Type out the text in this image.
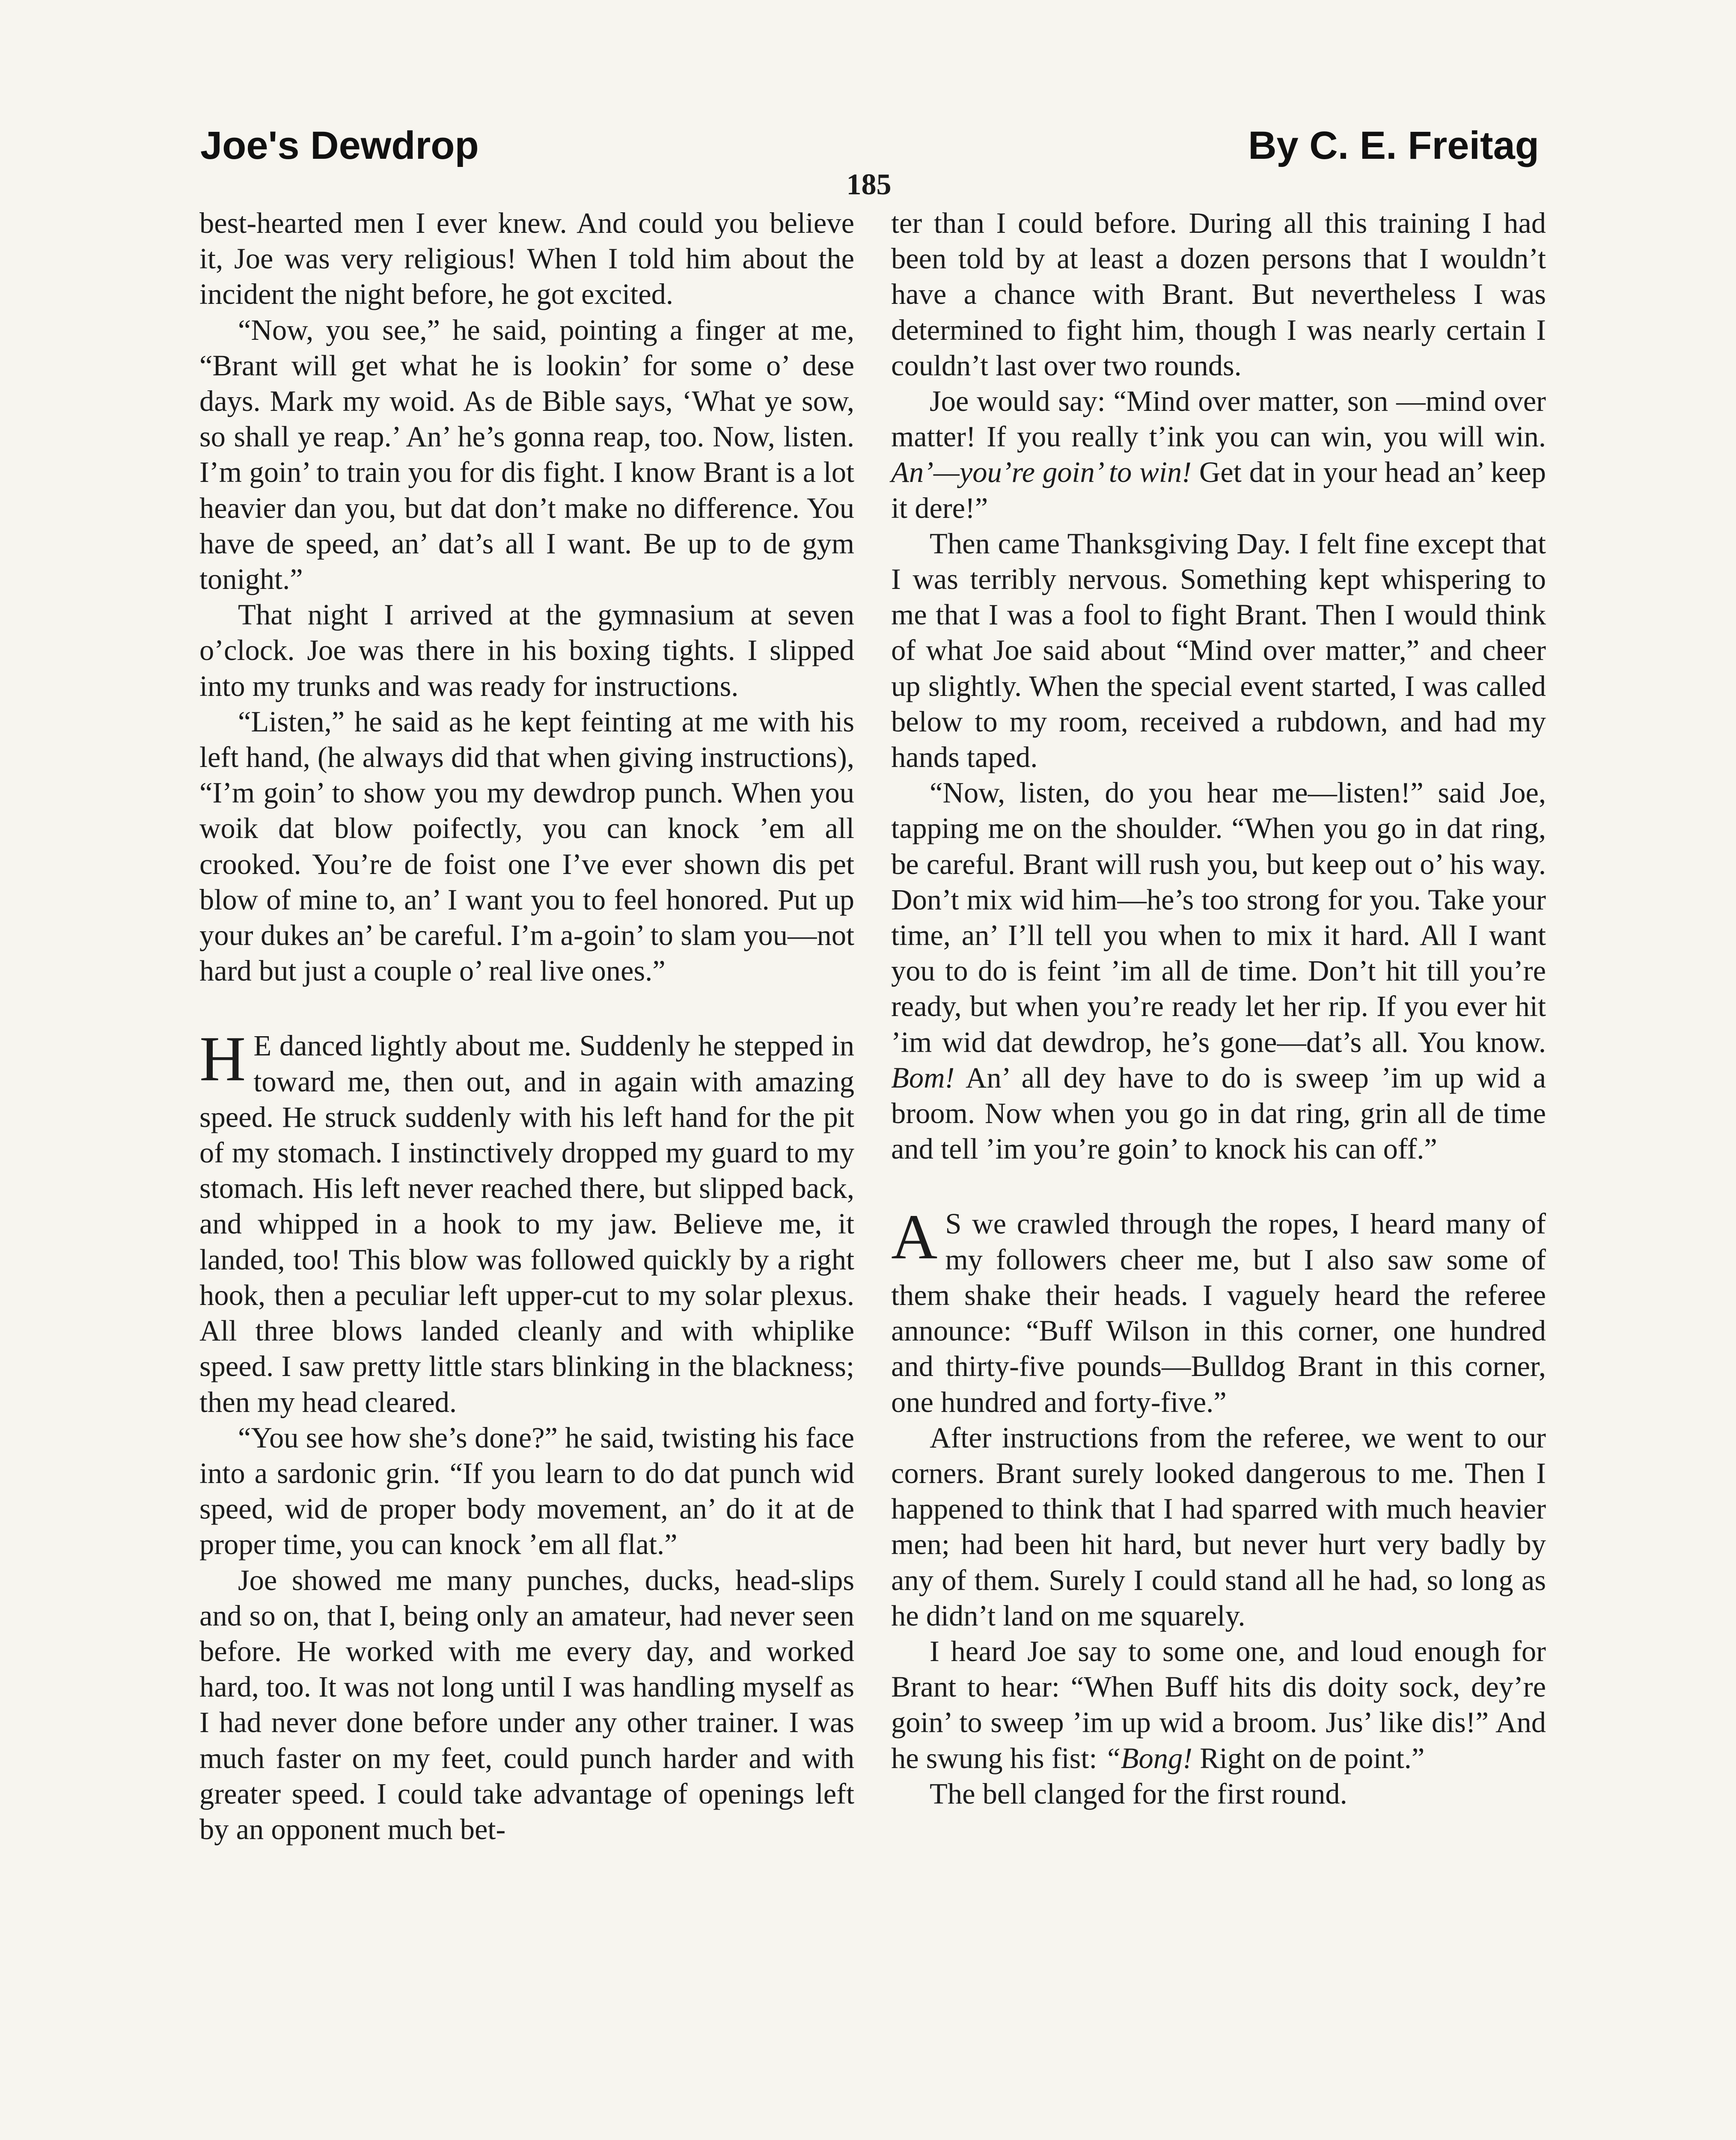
Joe's Dewdrop	By C. E. Freitag
185

best-hearted men I ever knew. And could you believe it, Joe was very religious! When I told him about the incident the night before, he got excited.

“Now, you see,” he said, pointing a finger at me, “Brant will get what he is lookin’ for some o’ dese days. Mark my woid. As de Bible says, ‘What ye sow, so shall ye reap.’ An’ he’s gonna reap, too. Now, listen. I’m goin’ to train you for dis fight. I know Brant is a lot heavier dan you, but dat don’t make no difference. You have de speed, an’ dat’s all I want. Be up to de gym tonight.”

That night I arrived at the gymnasium at seven o’clock. Joe was there in his boxing tights. I slipped into my trunks and was ready for instructions.

“Listen,” he said as he kept feinting at me with his left hand, (he always did that when giving instructions), “I’m goin’ to show you my dewdrop punch. When you woik dat blow poifectly, you can knock ’em all crooked. You’re de foist one I’ve ever shown dis pet blow of mine to, an’ I want you to feel honored. Put up your dukes an’ be careful. I’m a-goin’ to slam you—not hard but just a couple o’ real live ones.”

H E danced lightly about me. Suddenly he stepped in toward me, then out, and in again with amazing speed. He struck suddenly with his left hand for the pit of my stomach. I instinctively dropped my guard to my stomach. His left never reached there, but slipped back, and whipped in a hook to my jaw. Believe me, it landed, too! This blow was followed quickly by a right hook, then a peculiar left upper-cut to my solar plexus. All three blows landed cleanly and with whiplike speed. I saw pretty little stars blinking in the blackness; then my head cleared.

“You see how she’s done?” he said, twisting his face into a sardonic grin. “If you learn to do dat punch wid speed, wid de proper body movement, an’ do it at de proper time, you can knock ’em all flat.”

Joe showed me many punches, ducks, head-slips and so on, that I, being only an amateur, had never seen before. He worked with me every day, and worked hard, too. It was not long until I was handling myself as I had never done before under any other trainer. I was much faster on my feet, could punch harder and with greater speed. I could take advantage of openings left by an opponent much bet-

ter than I could before. During all this training I had been told by at least a dozen persons that I wouldn’t have a chance with Brant. But nevertheless I was determined to fight him, though I was nearly certain I couldn’t last over two rounds.

Joe would say: “Mind over matter, son —mind over matter! If you really t’ink you can win, you will win. An’—you’re goin’ to win! Get dat in your head an’ keep it dere!”

Then came Thanksgiving Day. I felt fine except that I was terribly nervous. Something kept whispering to me that I was a fool to fight Brant. Then I would think of what Joe said about “Mind over matter,” and cheer up slightly. When the special event started, I was called below to my room, received a rubdown, and had my hands taped.

“Now, listen, do you hear me—listen!” said Joe, tapping me on the shoulder. “When you go in dat ring, be careful. Brant will rush you, but keep out o’ his way. Don’t mix wid him—he’s too strong for you. Take your time, an’ I’ll tell you when to mix it hard. All I want you to do is feint ’im all de time. Don’t hit till you’re ready, but when you’re ready let her rip. If you ever hit ’im wid dat dewdrop, he’s gone—dat’s all. You know. Bom! An’ all dey have to do is sweep ’im up wid a broom. Now when you go in dat ring, grin all de time and tell ’im you’re goin’ to knock his can off.”

A S we crawled through the ropes, I heard many of my followers cheer me, but I also saw some of them shake their heads. I vaguely heard the referee announce: “Buff Wilson in this corner, one hundred and thirty-five pounds—Bulldog Brant in this corner, one hundred and forty-five.”

After instructions from the referee, we went to our corners. Brant surely looked dangerous to me. Then I happened to think that I had sparred with much heavier men; had been hit hard, but never hurt very badly by any of them. Surely I could stand all he had, so long as he didn’t land on me squarely.

I heard Joe say to some one, and loud enough for Brant to hear: “When Buff hits dis doity sock, dey’re goin’ to sweep ’im up wid a broom. Jus’ like dis!” And he swung his fist: “Bong! Right on de point.”

The bell clanged for the first round.
